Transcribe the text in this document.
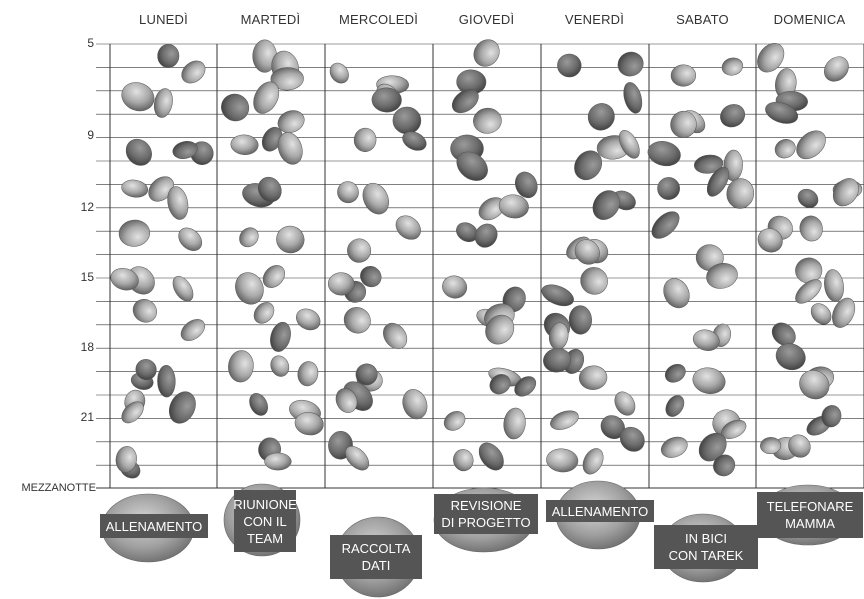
LUNEDÌ	MARTEDÌ	MERCOLEDÌ	GIOVEDÌ	VENERDÌ	SABATO	DOMENICA
5
9
12
15
18
21
MEZZANOTTE
ALLENAMENTO
RIUNIONE
CON IL
TEAM
RACCOLTA
DATI
REVISIONE
DI PROGETTO
ALLENAMENTO
IN BICI
CON TAREK
TELEFONARE
MAMMA
